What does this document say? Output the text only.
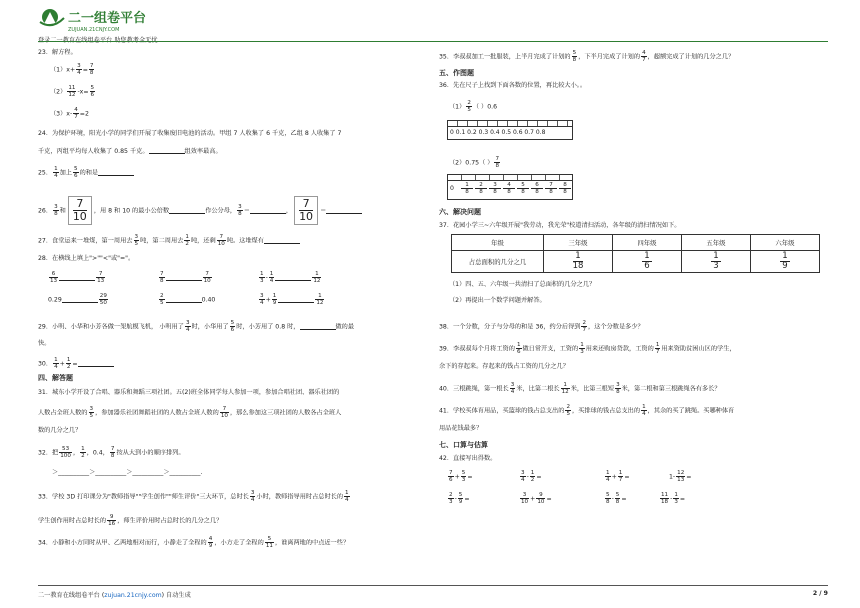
二一组卷平台
ZUJUAN.21CNJY.COM
23．解方程。
$(1)x+ \frac{3}{4} = \frac{7}{8}$
$(2) \frac{11}{12} -x= \frac{5}{6}$
$(3)x- \frac{4}{7} =2$
24．为保护环境，阳光小学的同学们开展了收集废旧电池的活动。甲组 7 人收集了 6 千克，乙组 8 人收集了 7
千克，丙组平均每人收集了 0.85 千克。	组效率最高。
25． $\frac{1}{4}$ 加上 $\frac{5}{6}$ 的和是
26． $\frac{3}{8}$ 和 $\frac{7}{10}$ ，用 8 和 10 的最小公倍数	作公分母， $\frac{3}{8}$ ＝	， $\frac{7}{10}$ ＝
27．食堂运来一堆煤，第一周用去 $\frac{3}{5}$ 吨，第二周用去 $\frac{1}{2}$ 吨，还剩 $\frac{7}{10}$ 吨。这堆煤有
28．在横线上填上">""<"或"="。
$\frac{6}{13}$	$\frac{7}{13}$	$\frac{7}{8}$	$\frac{7}{10}$	$\frac{1}{3} - \frac{1}{4}$	$\frac{1}{12}$
0.29	$\frac{29}{50}$	$\frac{2}{5}$	0.40	$\frac{3}{4} + \frac{1}{9}$	$\frac{1}{12}$
29．小明、小华和小芳各做一架航模飞机， 小明用了 $\frac{3}{4}$ 时，小华用了 $\frac{5}{6}$ 时，小芳用了 0.8 时，	做的最
快。
30． $\frac{1}{4} + \frac{1}{2}$ =
四、解答题
31．城东小学开设了合唱、器乐和舞蹈三项社团。五(2)班全体同学每人参加一项，参加合唱社团、器乐社团的
人数占全班人数的 $\frac{3}{5}$ ，参加器乐社团舞蹈社团的人数占全班人数的 $\frac{7}{10}$ ，那么参加这三项社团的人数各占全班人
数的几分之几？
32．把 $\frac{53}{100}$ ， $\frac{1}{2}$ ，0.4， $\frac{7}{8}$ 按从大到小的顺序排列。
＞__________＞__________＞__________＞__________.
33．学校 3D 打印课分为"教师指导""学生创作""师生评价"三大环节，总时长 $\frac{3}{4}$ 小时，教师指导用时占总时长的 $\frac{1}{4}$
学生创作用时占总时长的 $\frac{9}{16}$ ，师生评价用时占总时长的几分之几？
34．小静和小方同时从甲、乙两地相对而行，小静走了全程的 $\frac{4}{9}$ ，小方走了全程的 $\frac{5}{11}$ ，谁离两地的中点近一些？
35．李叔叔加工一批服装，上半月完成了计划的 $\frac{5}{8}$ ，下半月完成了计划的 $\frac{4}{7}$ ，超额完成了计划的几分之几？
五、作图题
36．先在尺子上找到下面各数的位置，再比较大小。。
$(1) \frac{2}{5}$ （ ）0.6
0 0.1 0.2 0.3 0.4 0.5 0.6 0.7 0.8
（2）0.75（ ） $\frac{7}{8}$
$0 \frac{1}{8} \frac{2}{8} \frac{3}{8} \frac{4}{8} \frac{5}{8} \frac{6}{8} \frac{7}{8} \frac{8}{8}$
六、解决问题
37．花园小学三~六年级开展"我劳动，我光荣"校道清扫活动，各年级的清扫情况如下。
年级	三年级	四年级	五年级	六年级
占总面积的几分之几	$\frac{1}{18}$	$\frac{1}{6}$	$\frac{1}{3}$	$\frac{1}{9}$
（1）四、五、六年级一共清扫了总面积的几分之几？
（2）再提出一个数学问题并解答。
38．一个分数，分子与分母的和是 36，约分后得到 $\frac{2}{7}$ ，这个分数是多少？
39．李叔叔每个月将工资的 $\frac{1}{6}$ 做日常开支，工资的 $\frac{1}{3}$ 用来还购房贷款，工资的 $\frac{1}{7}$ 用来资助贫困山区的学生，
余下的存起来。存起来的钱占工资的几分之几？
40．三根跳绳，第一根长 $\frac{3}{4}$ 米，比第二根长 $\frac{1}{12}$ 米，比第三根短 $\frac{3}{8}$ 米，第二根和第三根跳绳各有多长？
41．学校买体育用品，买篮球的钱占总支出的 $\frac{2}{5}$ ，买排球的钱占总支出的 $\frac{1}{4}$ ，其余的买了跳绳。买哪种体育
用品花钱最多？
七、口算与估算
42．直接写出得数。
$\frac{7}{6} + \frac{5}{3}$ =	$\frac{3}{4} - \frac{1}{2}$ =	$\frac{1}{4} + \frac{1}{7}$ =	$1- \frac{12}{13}$ =
$\frac{2}{3} - \frac{5}{9}$ =	$\frac{3}{10} + \frac{9}{10}$ =	$\frac{5}{8} - \frac{5}{8}$ =	$\frac{11}{18} - \frac{1}{3}$ =
二一教育在线组卷平台 (zujuan.21cnjy.com) 自动生成	2 / 9
